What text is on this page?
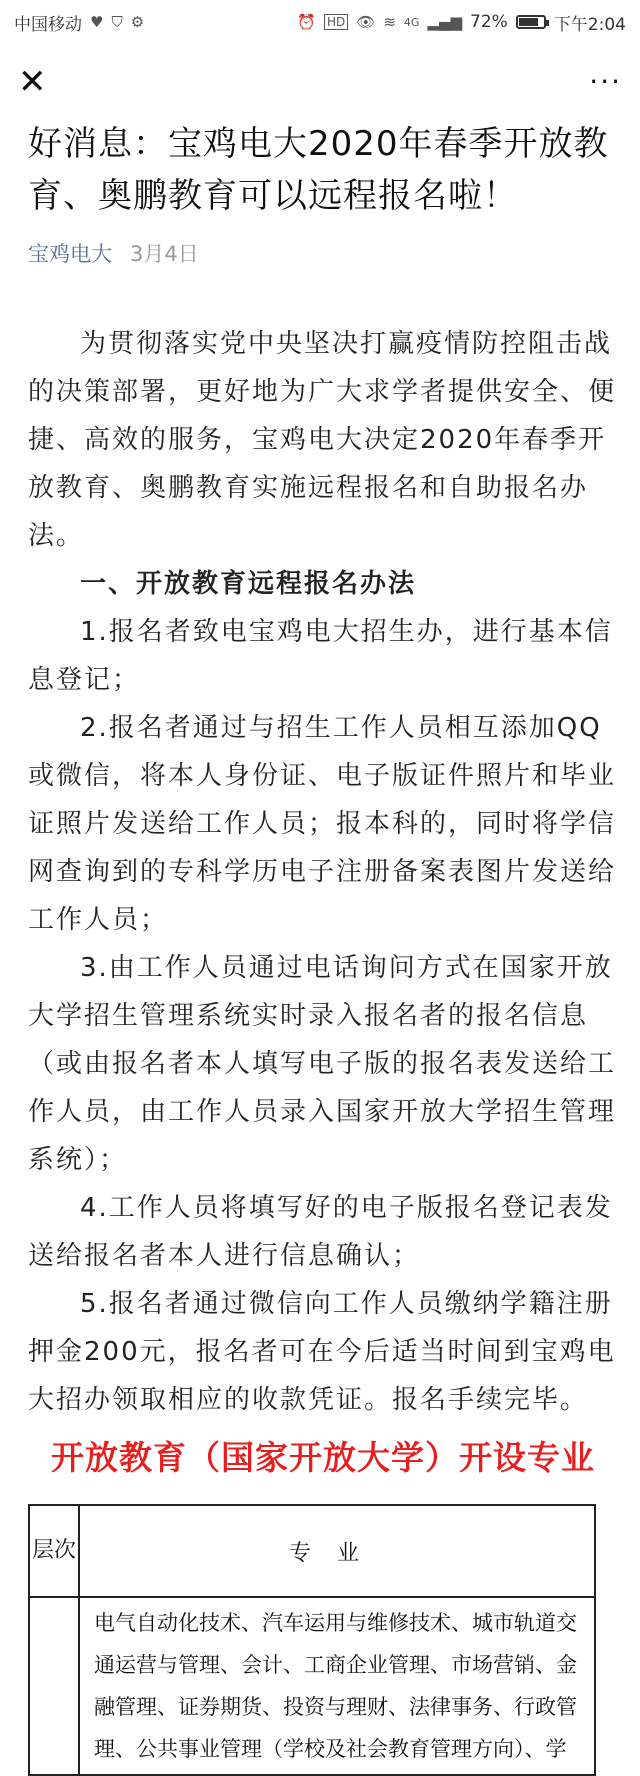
中国移动 ♥ ⛉ ⚙	⏰ HD 👁 ≋ 4G ▂▄▆ 72%	下午2:04
✕	···
好消息：宝鸡电大2020年春季开放教育、奥鹏教育可以远程报名啦！
宝鸡电大 3月4日

为贯彻落实党中央坚决打赢疫情防控阻击战的决策部署，更好地为广大求学者提供安全、便捷、高效的服务，宝鸡电大决定2020年春季开放教育、奥鹏教育实施远程报名和自助报名办法。

一、开放教育远程报名办法

1.报名者致电宝鸡电大招生办，进行基本信息登记；

2.报名者通过与招生工作人员相互添加QQ或微信，将本人身份证、电子版证件照片和毕业证照片发送给工作人员；报本科的，同时将学信网查询到的专科学历电子注册备案表图片发送给工作人员；

3.由工作人员通过电话询问方式在国家开放大学招生管理系统实时录入报名者的报名信息（或由报名者本人填写电子版的报名表发送给工作人员，由工作人员录入国家开放大学招生管理系统）；

4.工作人员将填写好的电子版报名登记表发送给报名者本人进行信息确认；

5.报名者通过微信向工作人员缴纳学籍注册押金200元，报名者可在今后适当时间到宝鸡电大招办领取相应的收款凭证。报名手续完毕。

开放教育（国家开放大学）开设专业
层次	专业
	电气自动化技术、汽车运用与维修技术、城市轨道交通运营与管理、会计、工商企业管理、市场营销、金融管理、证券期货、投资与理财、法律事务、行政管理、公共事业管理（学校及社会教育管理方向）、学
